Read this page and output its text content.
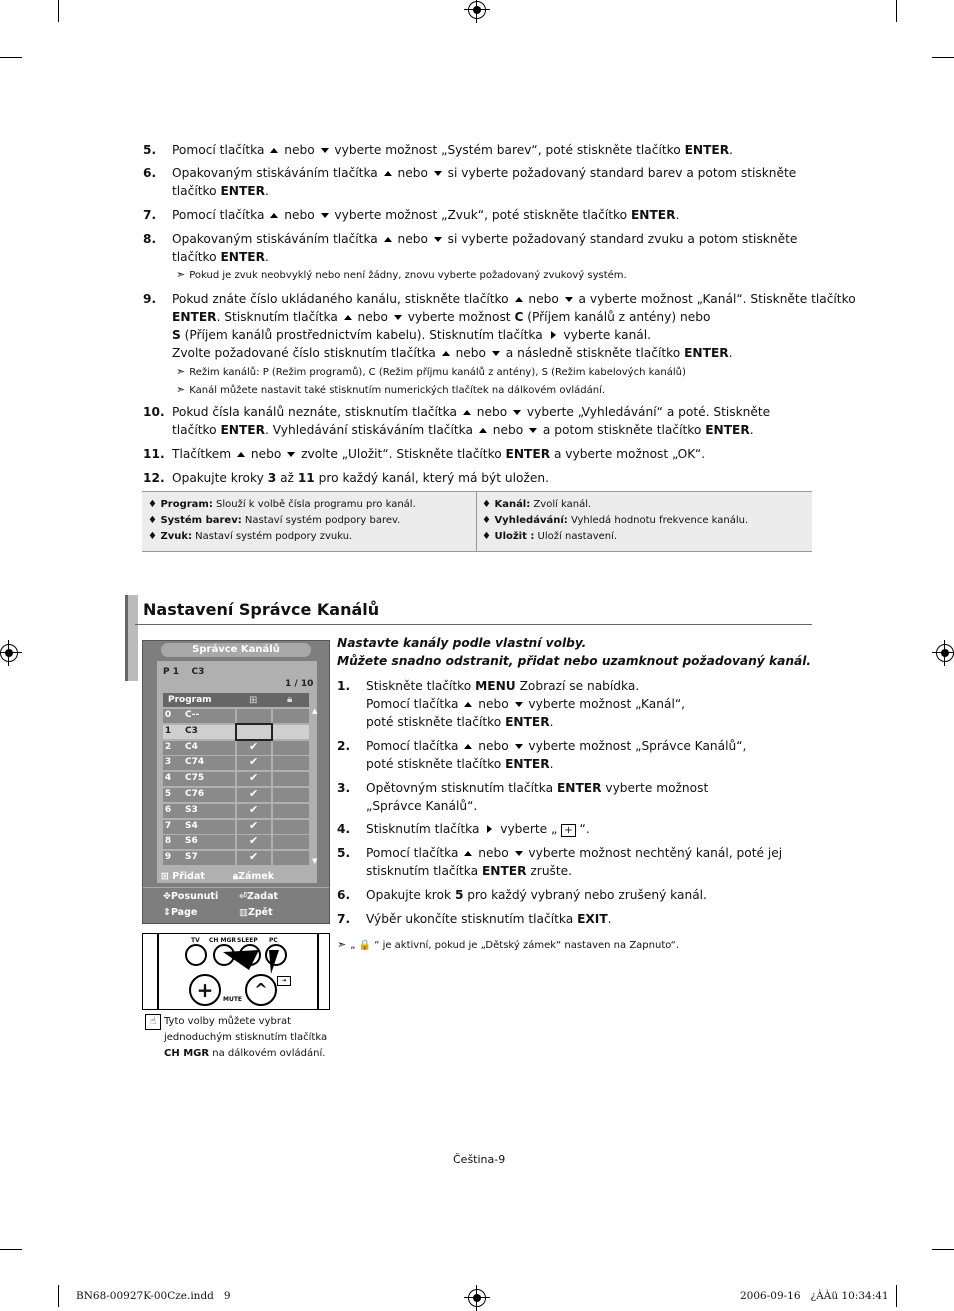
5. Pomocí tlačítka  nebo  vyberte možnost „Systém barev“, poté stiskněte tlačítko ENTER.
6. Opakovaným stiskáváním tlačítka  nebo  si vyberte požadovaný standard barev a potom stiskněte
tlačítko ENTER.
7. Pomocí tlačítka  nebo  vyberte možnost „Zvuk“, poté stiskněte tlačítko ENTER.
8. Opakovaným stiskáváním tlačítka  nebo  si vyberte požadovaný standard zvuku a potom stiskněte
tlačítko ENTER.
9. Pokud znáte číslo ukládaného kanálu, stiskněte tlačítko  nebo  a vyberte možnost „Kanál“. Stiskněte tlačítko
ENTER. Stisknutím tlačítka  nebo  vyberte možnost C (Příjem kanálů z antény) nebo
S (Příjem kanálů prostřednictvím kabelu). Stisknutím tlačítka  vyberte kanál.
Zvolte požadované číslo stisknutím tlačítka  nebo  a následně stiskněte tlačítko ENTER.
10. Pokud čísla kanálů neznáte, stisknutím tlačítka  nebo  vyberte „Vyhledávání“ a poté. Stiskněte
tlačítko ENTER. Vyhledávání stiskáváním tlačítka  nebo  a potom stiskněte tlačítko ENTER.
11. Tlačítkem  nebo  zvolte „Uložit“. Stiskněte tlačítko ENTER a vyberte možnost „OK“.
12. Opakujte kroky 3 až 11 pro každý kanál, který má být uložen.
➣ Pokud je zvuk neobvyklý nebo není žádny, znovu vyberte požadovaný zvukový systém.
➣ Režim kanálů: P (Režim programů), C (Režim příjmu kanálů z antény), S (Režim kabelových kanálů)
➣ Kanál můžete nastavit také stisknutím numerických tlačítek na dálkovém ovládání.
♦ Program: Slouží k volbě čísla programu pro kanál.
♦ Systém barev: Nastaví systém podpory barev.
♦ Zvuk: Nastaví systém podpory zvuku.
♦ Kanál: Zvolí kanál.
♦ Vyhledávání: Vyhledá hodnotu frekvence kanálu.
♦ Uložit : Uloží nastavení.
Nastavení Správce Kanálů
Správce Kanálů
P 1    C3
1 / 10
Program	⊞	🔒︎
0 C--
1 C3
2 C4	✔
3 C74	✔
4 C75	✔
5 C76	✔
6 S3	✔
7 S4	✔
8 S6	✔
9 S7	✔
▲
▼
⊞ Přidat	🔒︎Zámek
✥Posunuti ⏎Zadat
⇕Page	▥Zpět
TV CH MGR SLEEP PC
+	^
MUTE
⇥
☝ Tyto volby můžete vybrat
jednoduchým stisknutím tlačítka
CH MGR na dálkovém ovládání.
Nastavte kanály podle vlastní volby.
Můžete snadno odstranit, přidat nebo uzamknout požadovaný kanál.
1. Stiskněte tlačítko MENU Zobrazí se nabídka.
Pomocí tlačítka  nebo  vyberte možnost „Kanál“,
poté stiskněte tlačítko ENTER.
2. Pomocí tlačítka  nebo  vyberte možnost „Správce Kanálů“,
poté stiskněte tlačítko ENTER.
3. Opětovným stisknutím tlačítka ENTER vyberte možnost
„Správce Kanálů“.
4. Stisknutím tlačítka  vyberte „ + “.
5. Pomocí tlačítka  nebo  vyberte možnost nechtěný kanál, poté jej
stisknutím tlačítka ENTER zrušte.
6. Opakujte krok 5 pro každý vybraný nebo zrušený kanál.
7. Výběr ukončíte stisknutím tlačítka EXIT.
➣ „ 🔒 “ je aktivní, pokud je „Dětský zámek“ nastaven na Zapnuto“.
Čeština-9
BN68-00927K-00Cze.indd   9	2006-09-16   ¿ÀÀü 10:34:41
